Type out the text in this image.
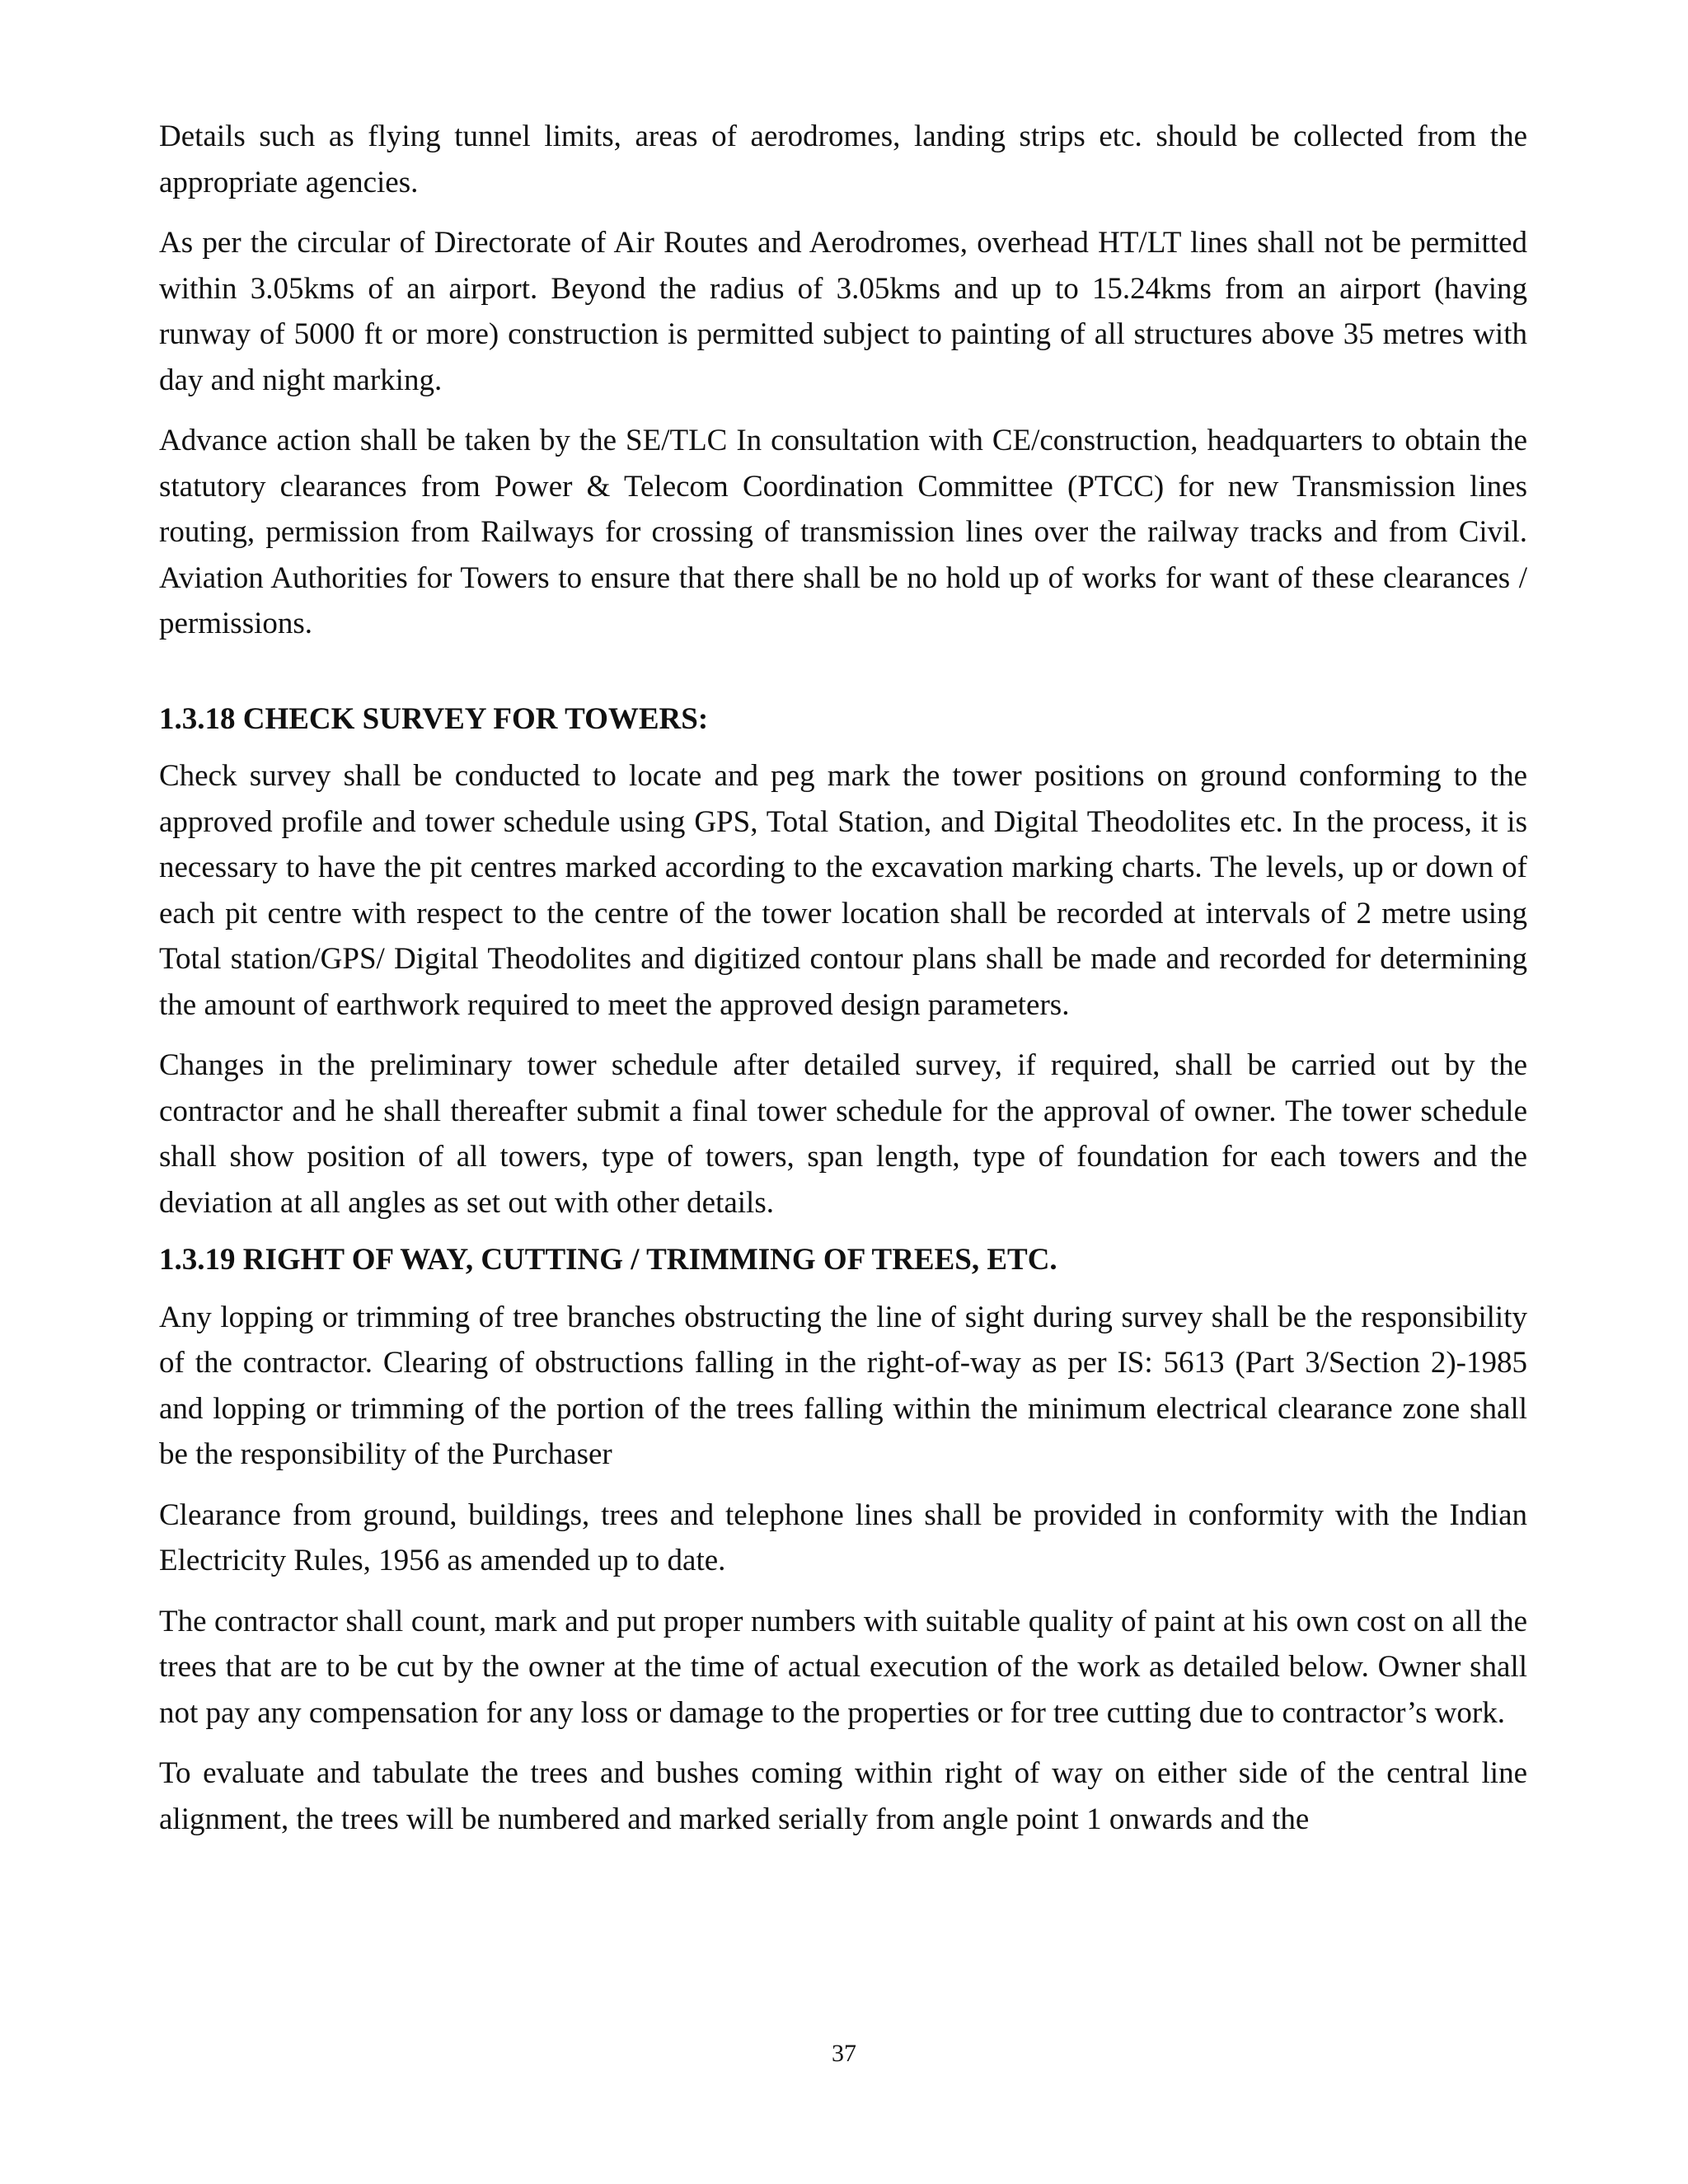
Details such as flying tunnel limits, areas of aerodromes, landing strips etc. should be collected from the appropriate agencies.

As per the circular of Directorate of Air Routes and Aerodromes, overhead HT/LT lines shall not be permitted within 3.05kms of an airport. Beyond the radius of 3.05kms and up to 15.24kms from an airport (having runway of 5000 ft or more) construction is permitted subject to painting of all structures above 35 metres with day and night marking.

Advance action shall be taken by the SE/TLC In consultation with CE/construction, headquarters to obtain the statutory clearances from Power & Telecom Coordination Committee (PTCC) for new Transmission lines routing, permission from Railways for crossing of transmission lines over the railway tracks and from Civil. Aviation Authorities for Towers to ensure that there shall be no hold up of works for want of these clearances / permissions.

1.3.18 CHECK SURVEY FOR TOWERS:

Check survey shall be conducted to locate and peg mark the tower positions on ground conforming to the approved profile and tower schedule using GPS, Total Station, and Digital Theodolites etc. In the process, it is necessary to have the pit centres marked according to the excavation marking charts. The levels, up or down of each pit centre with respect to the centre of the tower location shall be recorded at intervals of 2 metre using Total station/GPS/ Digital Theodolites and digitized contour plans shall be made and recorded for determining the amount of earthwork required to meet the approved design parameters.

Changes in the preliminary tower schedule after detailed survey, if required, shall be carried out by the contractor and he shall thereafter submit a final tower schedule for the approval of owner. The tower schedule shall show position of all towers, type of towers, span length, type of foundation for each towers and the deviation at all angles as set out with other details.

1.3.19 RIGHT OF WAY, CUTTING / TRIMMING OF TREES, ETC.

Any lopping or trimming of tree branches obstructing the line of sight during survey shall be the responsibility of the contractor. Clearing of obstructions falling in the right-of-way as per IS: 5613 (Part 3/Section 2)-1985 and lopping or trimming of the portion of the trees falling within the minimum electrical clearance zone shall be the responsibility of the Purchaser

Clearance from ground, buildings, trees and telephone lines shall be provided in conformity with the Indian Electricity Rules, 1956 as amended up to date.

The contractor shall count, mark and put proper numbers with suitable quality of paint at his own cost on all the trees that are to be cut by the owner at the time of actual execution of the work as detailed below. Owner shall not pay any compensation for any loss or damage to the properties or for tree cutting due to contractor’s work.

To evaluate and tabulate the trees and bushes coming within right of way on either side of the central line alignment, the trees will be numbered and marked serially from angle point 1 onwards and the

37
